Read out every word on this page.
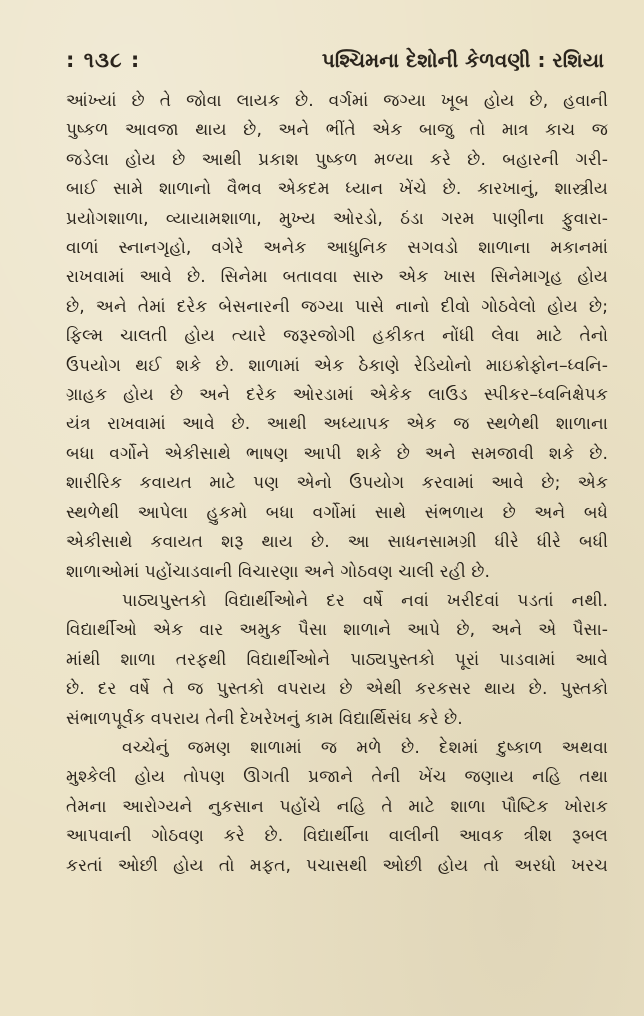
: ૧૩૮ :	પશ્ચિમના દેશોની કેળવણી : રશિયા

આંખ્યાં છે તે જોવા લાયક છે. વર્ગમાં જગ્યા ખૂબ હોય છે, હવાની

પુષ્કળ આવજા થાય છે, અને ભીંતે એક બાજુ તો માત્ર કાચ જ

જડેલા હોય છે આથી પ્રકાશ પુષ્કળ મળ્યા કરે છે. બહારની ગરી-

બાઈ સામે શાળાનો વૈભવ એકદમ ધ્યાન ખેંચે છે. કારખાનું, શાસ્ત્રીય

પ્રયોગશાળા, વ્યાયામશાળા, મુખ્ય ઓરડો, ઠંડા ગરમ પાણીના ફુવારા-

વાળાં સ્નાનગૃહો, વગેરે અનેક આધુનિક સગવડો શાળાના મકાનમાં

રાખવામાં આવે છે. સિનેમા બતાવવા સારુ એક ખાસ સિનેમાગૃહ હોય

છે, અને તેમાં દરેક બેસનારની જગ્યા પાસે નાનો દીવો ગોઠવેલો હોય છે;

ફિલ્મ ચાલતી હોય ત્યારે જરૂરજોગી હકીકત નોંધી લેવા માટે તેનો

ઉપયોગ થઈ શકે છે. શાળામાં એક ઠેકાણે રેડિયોનો માઇક્રોફોન–ધ્વનિ-

ગ્રાહક હોય છે અને દરેક ઓરડામાં એકેક લાઉડ સ્પીકર–ધ્વનિક્ષેપક

યંત્ર રાખવામાં આવે છે. આથી અધ્યાપક એક જ સ્થળેથી શાળાના

બધા વર્ગોને એકીસાથે ભાષણ આપી શકે છે અને સમજાવી શકે છે.

શારીરિક કવાયત માટે પણ એનો ઉપયોગ કરવામાં આવે છે; એક

સ્થળેથી આપેલા હુકમો બધા વર્ગોમાં સાથે સંભળાય છે અને બધે

એકીસાથે કવાયત શરૂ થાય છે. આ સાધનસામગ્રી ધીરે ધીરે બધી

શાળાઓમાં પહોંચાડવાની વિચારણા અને ગોઠવણ ચાલી રહી છે.

પાઠ્યપુસ્તકો વિદ્યાર્થીઓને દર વર્ષે નવાં ખરીદવાં પડતાં નથી.

વિદ્યાર્થીઓ એક વાર અમુક પૈસા શાળાને આપે છે, અને એ પૈસા-

માંથી શાળા તરફથી વિદ્યાર્થીઓને પાઠ્યપુસ્તકો પૂરાં પાડવામાં આવે

છે. દર વર્ષે તે જ પુસ્તકો વપરાય છે એથી કરકસર થાય છે. પુસ્તકો

સંભાળપૂર્વક વપરાય તેની દેખરેખનું કામ વિદ્યાર્થિસંઘ કરે છે.

વચ્ચેનું જમણ શાળામાં જ મળે છે. દેશમાં દુષ્કાળ અથવા

મુશ્કેલી હોય તોપણ ઊગતી પ્રજાને તેની ખેંચ જણાય નહિ તથા

તેમના આરોગ્યને નુકસાન પહોંચે નહિ તે માટે શાળા પૌષ્ટિક ખોરાક

આપવાની ગોઠવણ કરે છે. વિદ્યાર્થીના વાલીની આવક ત્રીશ રૂબલ

કરતાં ઓછી હોય તો મફત, પચાસથી ઓછી હોય તો અરધો ખરચ
